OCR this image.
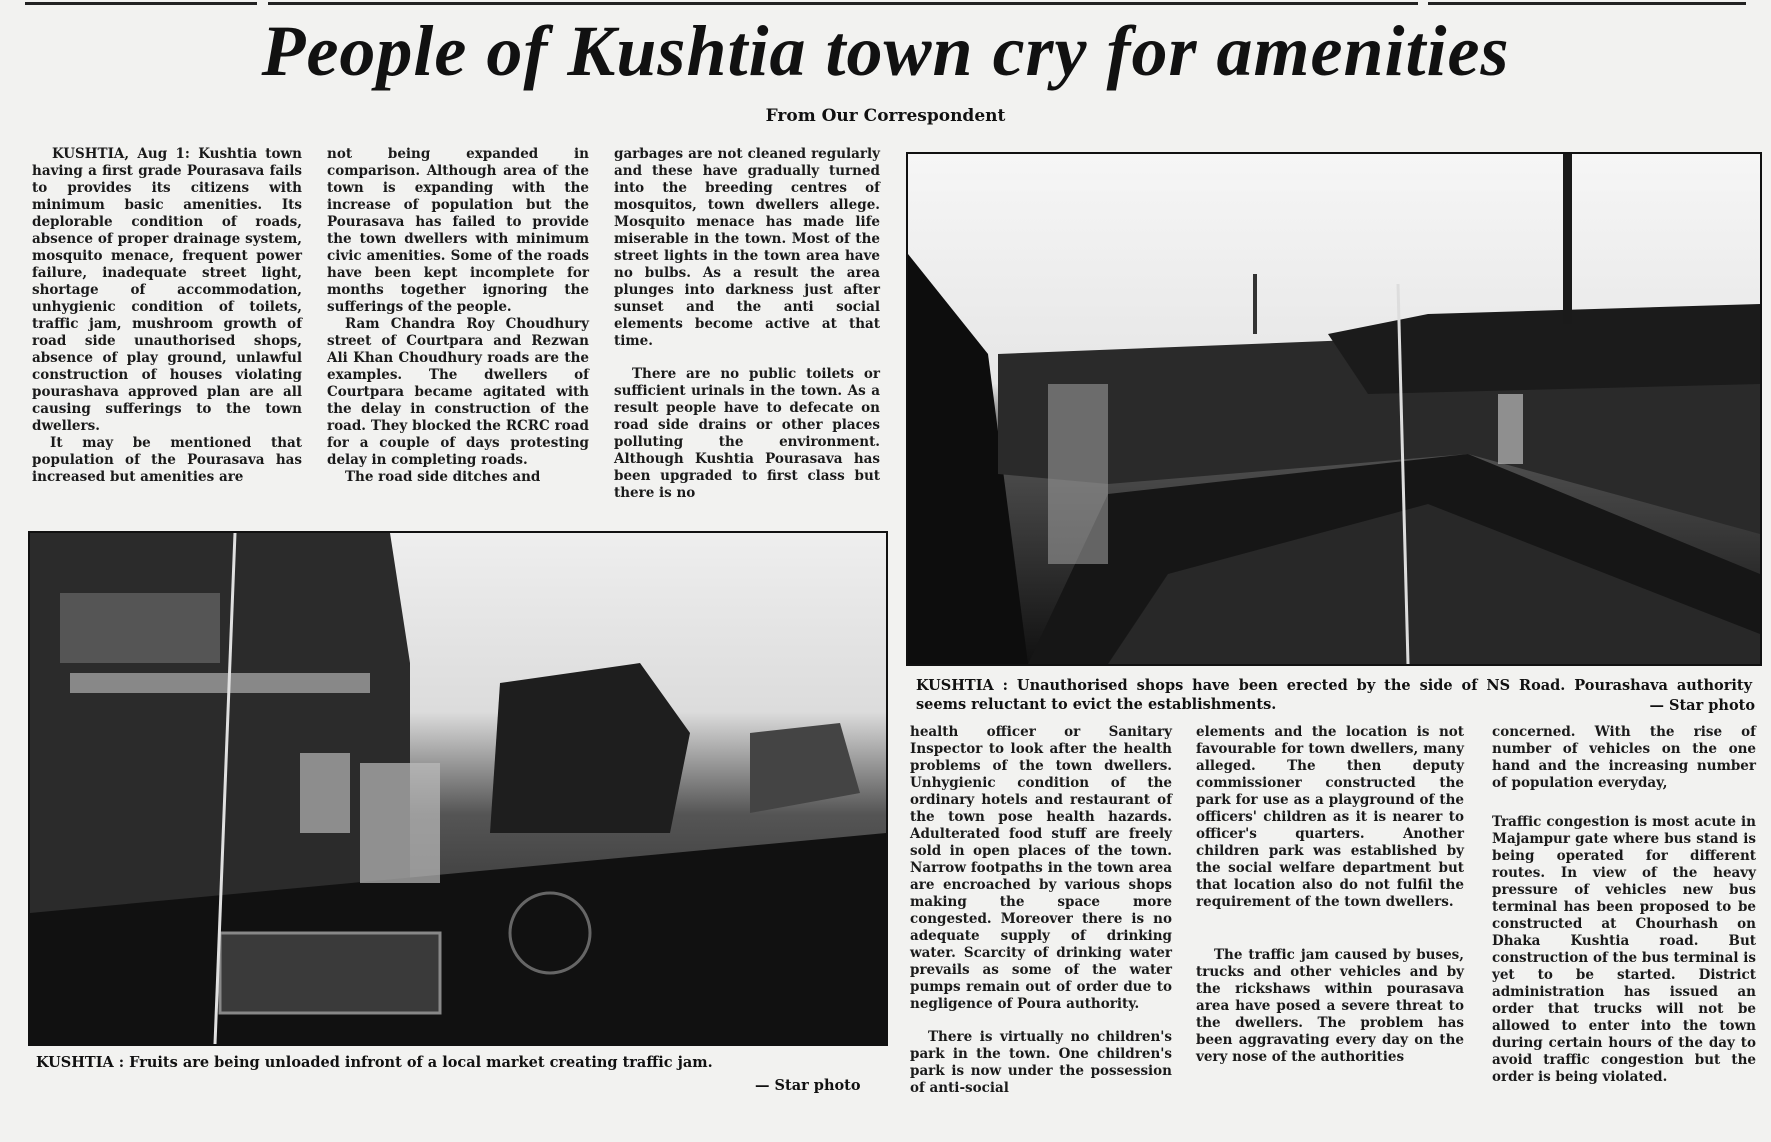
People of Kushtia town cry for amenities
From Our Correspondent

KUSHTIA, Aug 1: Kushtia town having a first grade Pourasava fails to provides its citizens with minimum basic amenities. Its deplorable condition of roads, absence of proper drainage system, mosquito menace, frequent power failure, inadequate street light, shortage of accommodation, unhygienic condition of toilets, traffic jam, mushroom growth of road side unauthorised shops, absence of play ground, unlawful construction of houses violating pourashava approved plan are all causing sufferings to the town dwellers.

It may be mentioned that population of the Pourasava has increased but amenities are

not being expanded in comparison. Although area of the town is expanding with the increase of population but the Pourasava has failed to provide the town dwellers with minimum civic amenities. Some of the roads have been kept incomplete for months together ignoring the sufferings of the people.

Ram Chandra Roy Choudhury street of Courtpara and Rezwan Ali Khan Choudhury roads are the examples. The dwellers of Courtpara became agitated with the delay in construction of the road. They blocked the RCRC road for a couple of days protesting delay in completing roads.

The road side ditches and

garbages are not cleaned regularly and these have gradually turned into the breeding centres of mosquitos, town dwellers allege. Mosquito menace has made life miserable in the town. Most of the street lights in the town area have no bulbs. As a result the area plunges into darkness just after sunset and the anti social elements become active at that time.

There are no public toilets or sufficient urinals in the town. As a result people have to defecate on road side drains or other places polluting the environment. Although Kushtia Pourasava has been upgraded to first class but there is no

KUSHTIA : Unauthorised shops have been erected by the side of NS Road. Pourashava authority seems reluctant to evict the establishments.	— Star photo
KUSHTIA : Fruits are being unloaded infront of a local market creating traffic jam.
— Star photo

health officer or Sanitary Inspector to look after the health problems of the town dwellers. Unhygienic condition of the ordinary hotels and restaurant of the town pose health hazards. Adulterated food stuff are freely sold in open places of the town. Narrow footpaths in the town area are encroached by various shops making the space more congested. Moreover there is no adequate supply of drinking water. Scarcity of drinking water prevails as some of the water pumps remain out of order due to negligence of Poura authority.

There is virtually no children's park in the town. One children's park is now under the possession of anti-social

elements and the location is not favourable for town dwellers, many alleged. The then deputy commissioner constructed the park for use as a playground of the officers' children as it is nearer to officer's quarters. Another children park was established by the social welfare department but that location also do not fulfil the requirement of the town dwellers.

The traffic jam caused by buses, trucks and other vehicles and by the rickshaws within pourasava area have posed a severe threat to the dwellers. The problem has been aggravating every day on the very nose of the authorities

concerned. With the rise of number of vehicles on the one hand and the increasing number of population everyday,

Traffic congestion is most acute in Majampur gate where bus stand is being operated for different routes. In view of the heavy pressure of vehicles new bus terminal has been proposed to be constructed at Chourhash on Dhaka Kushtia road. But construction of the bus terminal is yet to be started. District administration has issued an order that trucks will not be allowed to enter into the town during certain hours of the day to avoid traffic congestion but the order is being violated.
